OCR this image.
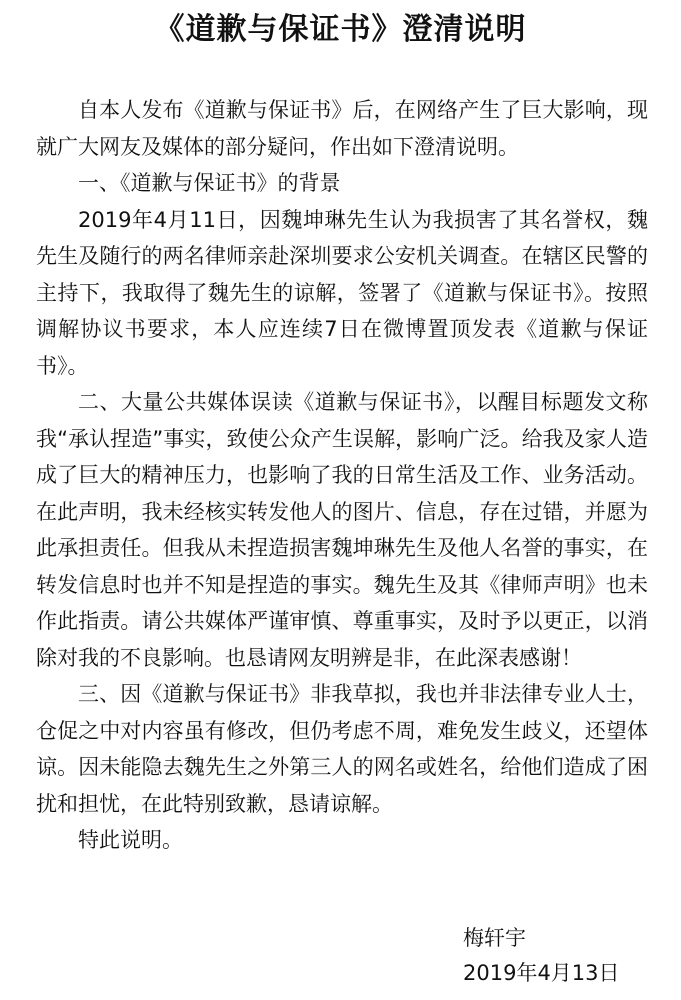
《道歉与保证书》澄清说明

自本人发布《道歉与保证书》后，在网络产生了巨大影响，现就广大网友及媒体的部分疑问，作出如下澄清说明。

一、《道歉与保证书》的背景

2019年4月11日，因魏坤琳先生认为我损害了其名誉权，魏先生及随行的两名律师亲赴深圳要求公安机关调查。在辖区民警的主持下，我取得了魏先生的谅解，签署了《道歉与保证书》。按照调解协议书要求，本人应连续7日在微博置顶发表《道歉与保证书》。

二、大量公共媒体误读《道歉与保证书》，以醒目标题发文称我“承认捏造”事实，致使公众产生误解，影响广泛。给我及家人造成了巨大的精神压力，也影响了我的日常生活及工作、业务活动。在此声明，我未经核实转发他人的图片、信息，存在过错，并愿为此承担责任。但我从未捏造损害魏坤琳先生及他人名誉的事实，在转发信息时也并不知是捏造的事实。魏先生及其《律师声明》也未作此指责。请公共媒体严谨审慎、尊重事实，及时予以更正，以消除对我的不良影响。也恳请网友明辨是非，在此深表感谢！

三、因《道歉与保证书》非我草拟，我也并非法律专业人士，仓促之中对内容虽有修改，但仍考虑不周，难免发生歧义，还望体谅。因未能隐去魏先生之外第三人的网名或姓名，给他们造成了困扰和担忧，在此特别致歉，恳请谅解。

特此说明。

梅轩宇
2019年4月13日
